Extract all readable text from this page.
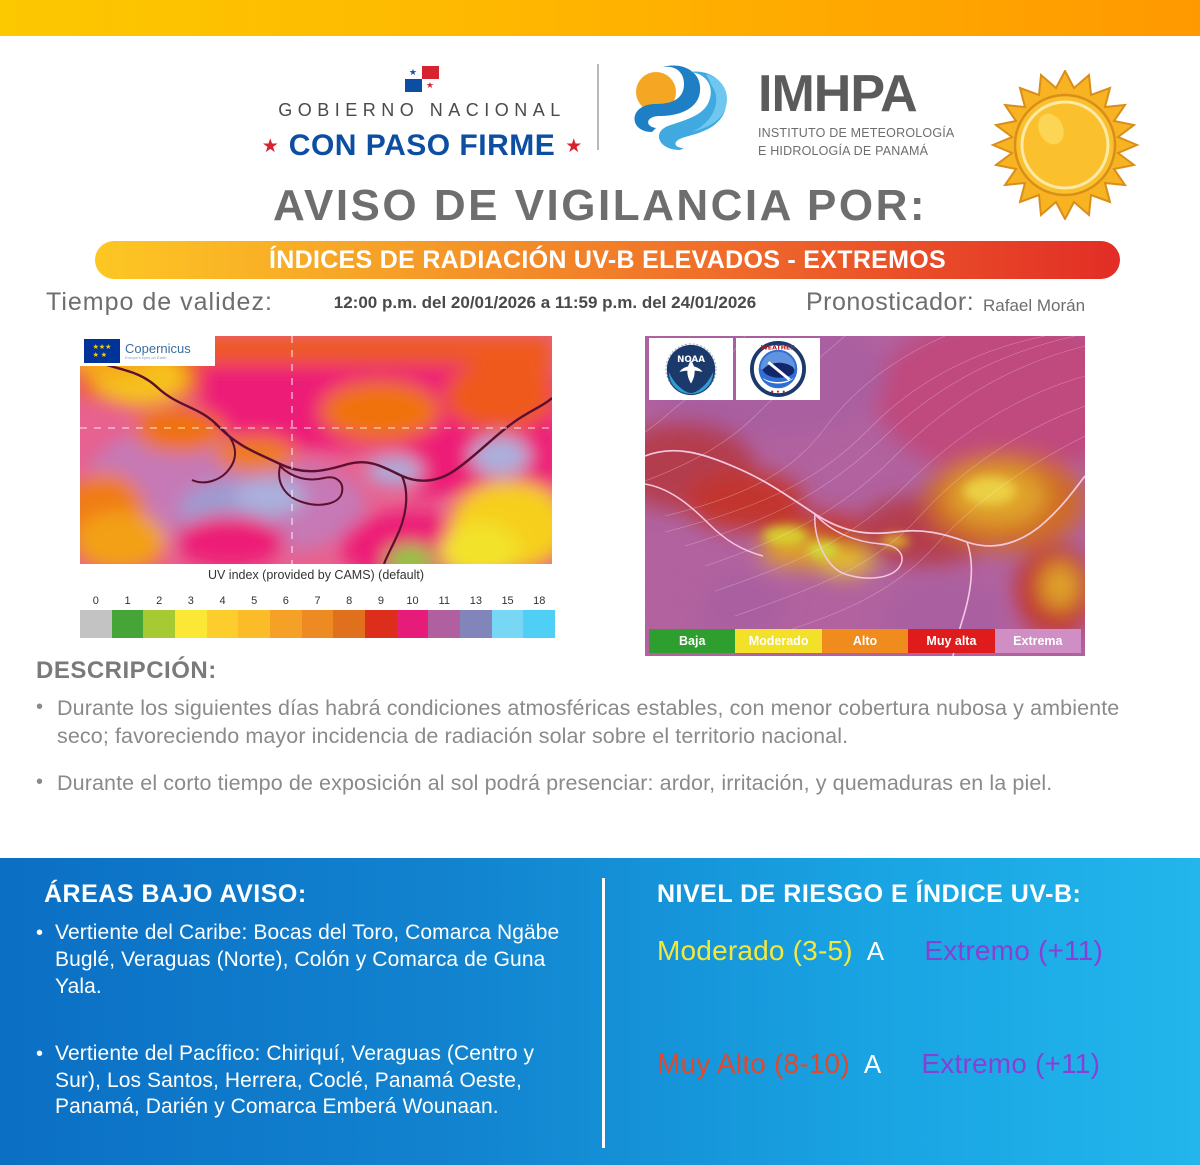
GOBIERNO NACIONAL
★ CON PASO FIRME ★
IMHPA
INSTITUTO DE METEOROLOGÍA
E HIDROLOGÍA DE PANAMÁ
AVISO DE VIGILANCIA POR:
ÍNDICES DE RADIACIÓN UV-B ELEVADOS - EXTREMOS
Tiempo de validez:	12:00 p.m. del 20/01/2026 a 11:59 p.m. del 24/01/2026	Pronosticador: Rafael Morán
★★★
★ ★	Copernicus
Europe's eyes on Earth
UV index (provided by CAMS) (default)
0	1	2	3	4	5	6	7	8	9	10	11	13	15	18
NOAA
WEATHER
• • •
Baja	Moderado	Alto	Muy alta	Extrema
DESCRIPCIÓN:
• Durante los siguientes días habrá condiciones atmosféricas estables, con menor cobertura nubosa y ambiente seco; favoreciendo mayor incidencia de radiación solar sobre el territorio nacional.
• Durante el corto tiempo de exposición al sol podrá presenciar: ardor, irritación, y quemaduras en la piel.
ÁREAS BAJO AVISO:
• Vertiente del Caribe: Bocas del Toro, Comarca Ngäbe Buglé, Veraguas (Norte), Colón y Comarca de Guna Yala.
• Vertiente del Pacífico: Chiriquí, Veraguas (Centro y Sur), Los Santos, Herrera, Coclé, Panamá Oeste, Panamá, Darién y Comarca Emberá Wounaan.
NIVEL DE RIESGO E ÍNDICE UV-B:
Moderado (3-5) A Extremo (+11)
Muy Alto (8-10) A Extremo (+11)
